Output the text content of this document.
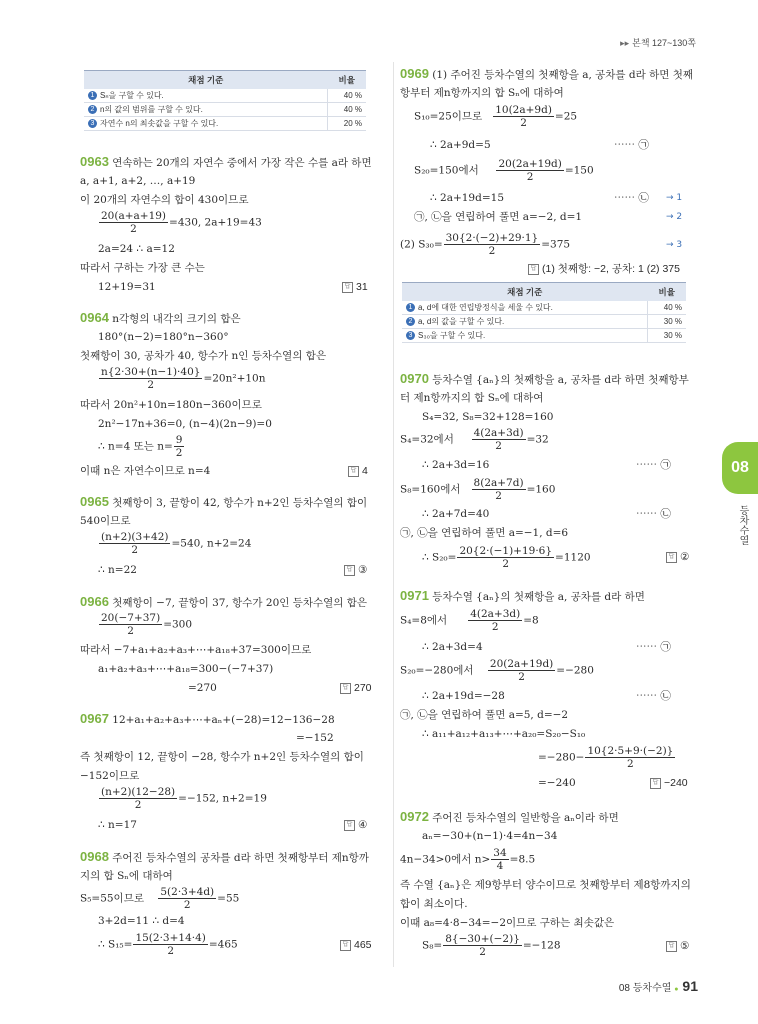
▸▸ 본책 127~130쪽
채점 기준	비율
1 Sₙ을 구할 수 있다.	40 %
2 n의 값의 범위를 구할 수 있다.	40 %
3 자연수 n의 최솟값을 구할 수 있다.	20 %
0963 연속하는 20개의 자연수 중에서 가장 작은 수를 a라 하면
a, a+1, a+2, …, a+19
이 20개의 자연수의 합이 430이므로
$\frac{20(a+a+19)}{2} =430$, 2a+19=43
2a=24 ∴ a=12
따라서 구하는 가장 큰 수는
12+19=31	답 31
0964 n각형의 내각의 크기의 합은
180°(n−2)=180°n−360°
첫째항이 30, 공차가 40, 항수가 n인 등차수열의 합은
$\frac{n\{2\cdot 30+(n-1)\cdot 40\}}{2} =20n^2+10n$
따라서 20n²+10n=180n−360이므로
2n²−17n+36=0, (n−4)(2n−9)=0
∴ n=4 또는 $n= \frac{9}{2}$
이때 n은 자연수이므로 n=4	답 4
0965 첫째항이 3, 끝항이 42, 항수가 n+2인 등차수열의 합이
540이므로
$\frac{(n+2)(3+42)}{2} =540$, n+2=24
∴ n=22	답 ③
0966 첫째항이 −7, 끝항이 37, 항수가 20인 등차수열의 합은
$\frac{20(-7+37)}{2} =300$
따라서 −7+a₁+a₂+a₃+⋯+a₁₈+37=300이므로
a₁+a₂+a₃+⋯+a₁₈=300−(−7+37)
=270	답 270
0967 12+a₁+a₂+a₃+⋯+aₙ+(−28)=12−136−28
=−152
즉 첫째항이 12, 끝항이 −28, 항수가 n+2인 등차수열의 합이
−152이므로
$\frac{(n+2)(12-28)}{2} =-152$, n+2=19
∴ n=17	답 ④
0968 주어진 등차수열의 공차를 d라 하면 첫째항부터 제n항까
지의 합 Sₙ에 대하여
S₅=55이므로 $\frac{5(2\cdot 3+4d)}{2} =55$
3+2d=11 ∴ d=4
∴ $S_{15}= \frac{15(2\cdot 3+14\cdot 4)}{2} =465$	답 465
0969 (1) 주어진 등차수열의 첫째항을 a, 공차를 d라 하면 첫째
항부터 제n항까지의 합 Sₙ에 대하여
S₁₀=25이므로 $\frac{10(2a+9d)}{2} =25$
∴ 2a+9d=5	⋯⋯ ㉠
S₂₀=150에서 $\frac{20(2a+19d)}{2} =150$
∴ 2a+19d=15	⋯⋯ ㉡ → 1
㉠, ㉡을 연립하여 풀면 a=−2, d=1	→ 2
(2) $S_{30}= \frac{30\{2\cdot(-2)+29\cdot 1\}}{2} =375$	→ 3
답 (1) 첫째항: −2, 공차: 1 (2) 375
채점 기준	비율
1 a, d에 대한 연립방정식을 세울 수 있다.	40 %
2 a, d의 값을 구할 수 있다.	30 %
3 S₃₀을 구할 수 있다.	30 %
0970 등차수열 {aₙ}의 첫째항을 a, 공차를 d라 하면 첫째항부
터 제n항까지의 합 Sₙ에 대하여
S₄=32, S₈=32+128=160
S₄=32에서 $\frac{4(2a+3d)}{2} =32$
∴ 2a+3d=16	⋯⋯ ㉠
S₈=160에서 $\frac{8(2a+7d)}{2} =160$
∴ 2a+7d=40	⋯⋯ ㉡
㉠, ㉡을 연립하여 풀면 a=−1, d=6
∴ $S_{20}= \frac{20\{2\cdot(-1)+19\cdot 6\}}{2} =1120$	답 ②
0971 등차수열 {aₙ}의 첫째항을 a, 공차를 d라 하면
S₄=8에서 $\frac{4(2a+3d)}{2} =8$
∴ 2a+3d=4	⋯⋯ ㉠
S₂₀=−280에서 $\frac{20(2a+19d)}{2} =-280$
∴ 2a+19d=−28	⋯⋯ ㉡
㉠, ㉡을 연립하여 풀면 a=5, d=−2
∴ a₁₁+a₁₂+a₁₃+⋯+a₂₀=S₂₀−S₁₀
$=-280- \frac{10\{2\cdot 5+9\cdot(-2)\}}{2}$
=−240	답 −240
0972 주어진 등차수열의 일반항을 aₙ이라 하면
aₙ=−30+(n−1)·4=4n−34
4n−34>0에서 $n> \frac{34}{4} =8.5$
즉 수열 {aₙ}은 제9항부터 양수이므로 첫째항부터 제8항까지의
합이 최소이다.
이때 a₈=4·8−34=−2이므로 구하는 최솟값은
$S_8= \frac{8\{-30+(-2)\}}{2} =-128$	답 ⑤
08
등차수열
08 등차수열 ● 91
